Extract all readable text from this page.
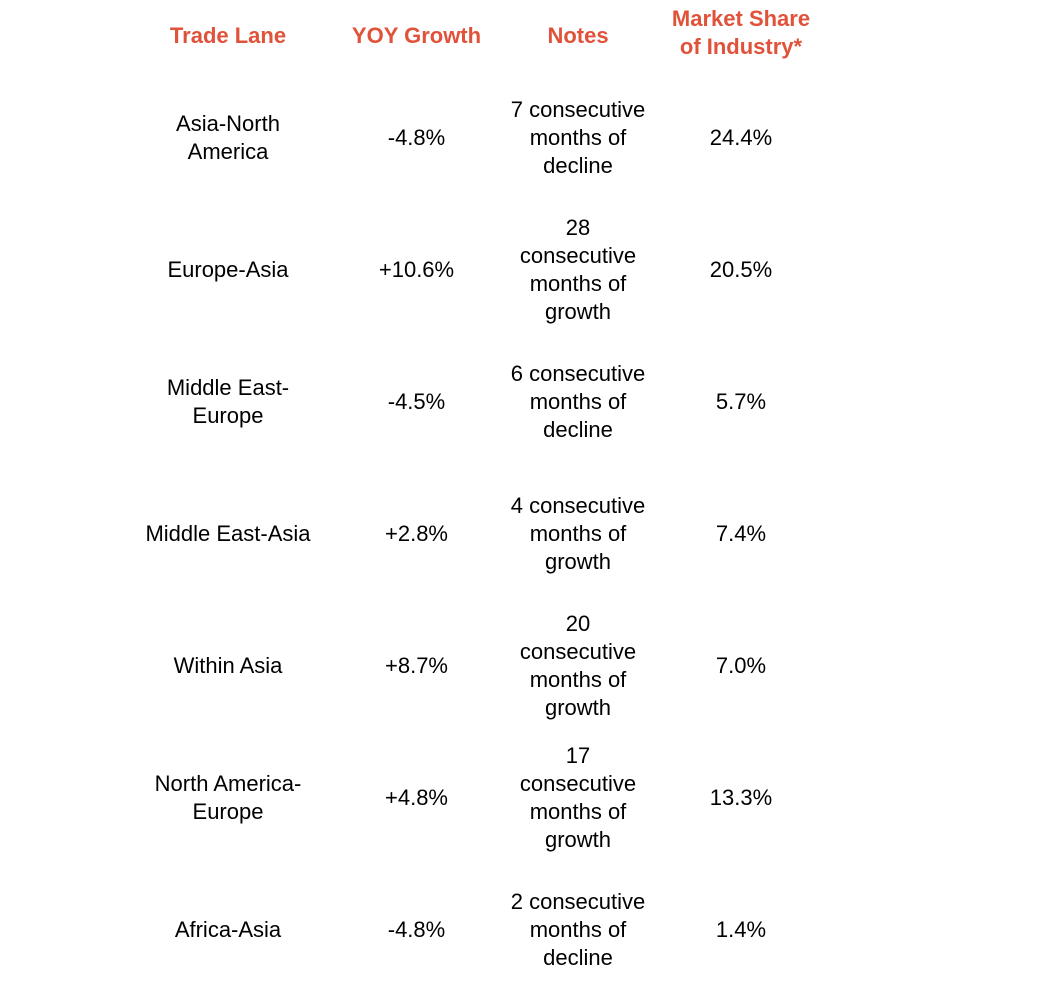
Trade Lane	YOY Growth	Notes	Market Share of Industry*
Asia-North America	-4.8%	7 consecutive months of decline	24.4%
Europe-Asia	+10.6%	28 consecutive months of growth	20.5%
Middle East-Europe	-4.5%	6 consecutive months of decline	5.7%
Middle East-Asia	+2.8%	4 consecutive months of growth	7.4%
Within Asia	+8.7%	20 consecutive months of growth	7.0%
North America-Europe	+4.8%	17 consecutive months of growth	13.3%
Africa-Asia	-4.8%	2 consecutive months of decline	1.4%
